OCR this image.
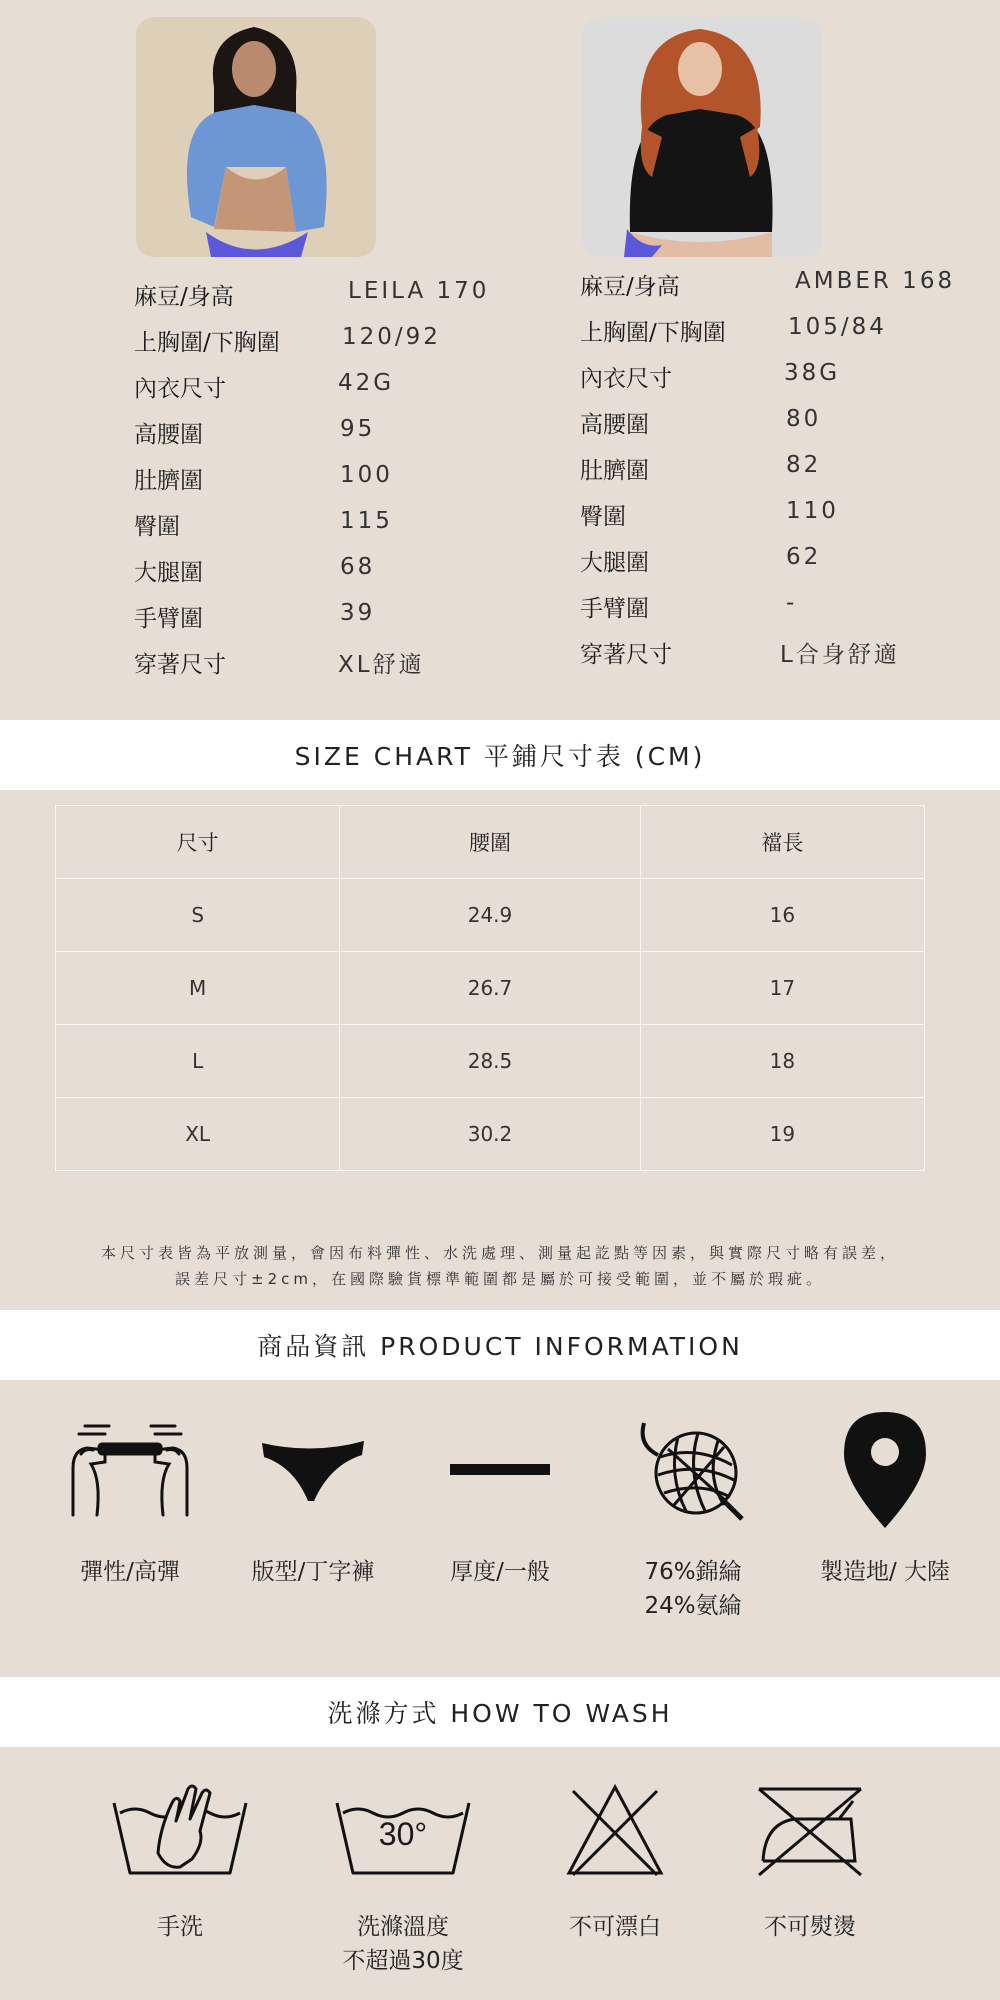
麻豆/身高	LEILA 170
上胸圍/下胸圍	120/92
內衣尺寸	42G
高腰圍	95
肚臍圍	100
臀圍	115
大腿圍	68
手臂圍	39
穿著尺寸	XL舒適
麻豆/身高	AMBER 168
上胸圍/下胸圍	105/84
內衣尺寸	38G
高腰圍	80
肚臍圍	82
臀圍	110
大腿圍	62
手臂圍	-
穿著尺寸	L合身舒適
SIZE CHART 平鋪尺寸表 (CM)
尺寸	腰圍	襠長
S	24.9	16
M	26.7	17
L	28.5	18
XL	30.2	19
本尺寸表皆為平放測量，會因布料彈性、水洗處理、測量起訖點等因素，與實際尺寸略有誤差，
誤差尺寸±2cm，在國際驗貨標準範圍都是屬於可接受範圍，並不屬於瑕疵。
商品資訊 PRODUCT INFORMATION
彈性/高彈	版型/丁字褲	厚度/一般	76%錦綸
24%氨綸
製造地/ 大陸
洗滌方式 HOW TO WASH
手洗
30°
洗滌溫度
不超過30度
不可漂白	不可熨燙
